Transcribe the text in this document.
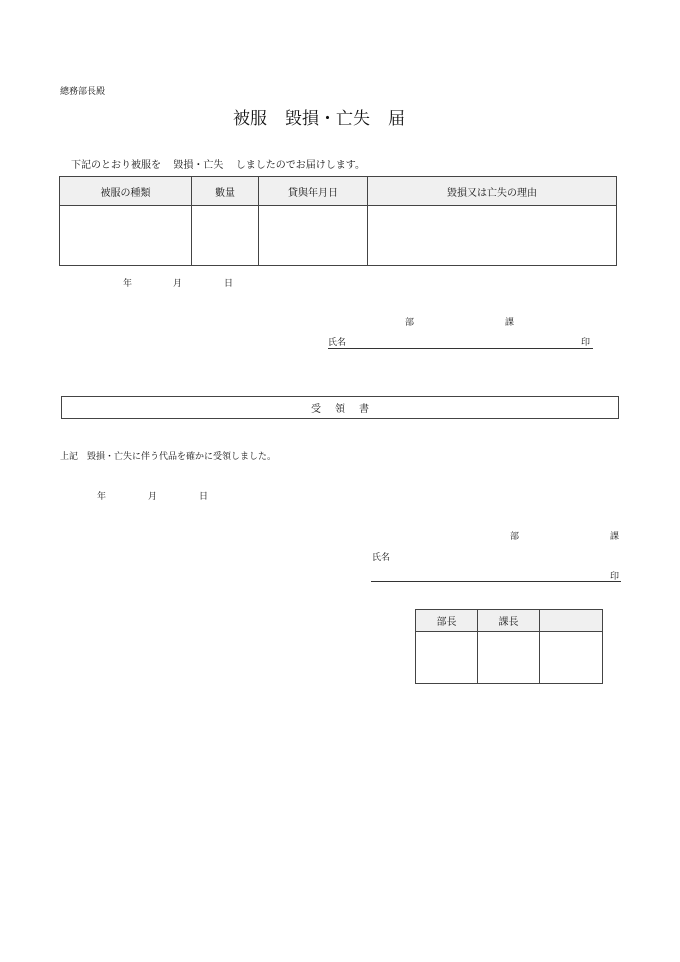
總務部長殿
被服 毀損・亡失 届
下記のとおり被服を 毀損・亡失 しましたのでお届けします。
被服の種類	數量	貸與年月日	毀損又は亡失の理由

年	月	日
部	課
氏名	印
受領書
上記　毀損・亡失に伴う代品を確かに受領しました。
年	月	日
部	課
氏名
印
部長	課長	
